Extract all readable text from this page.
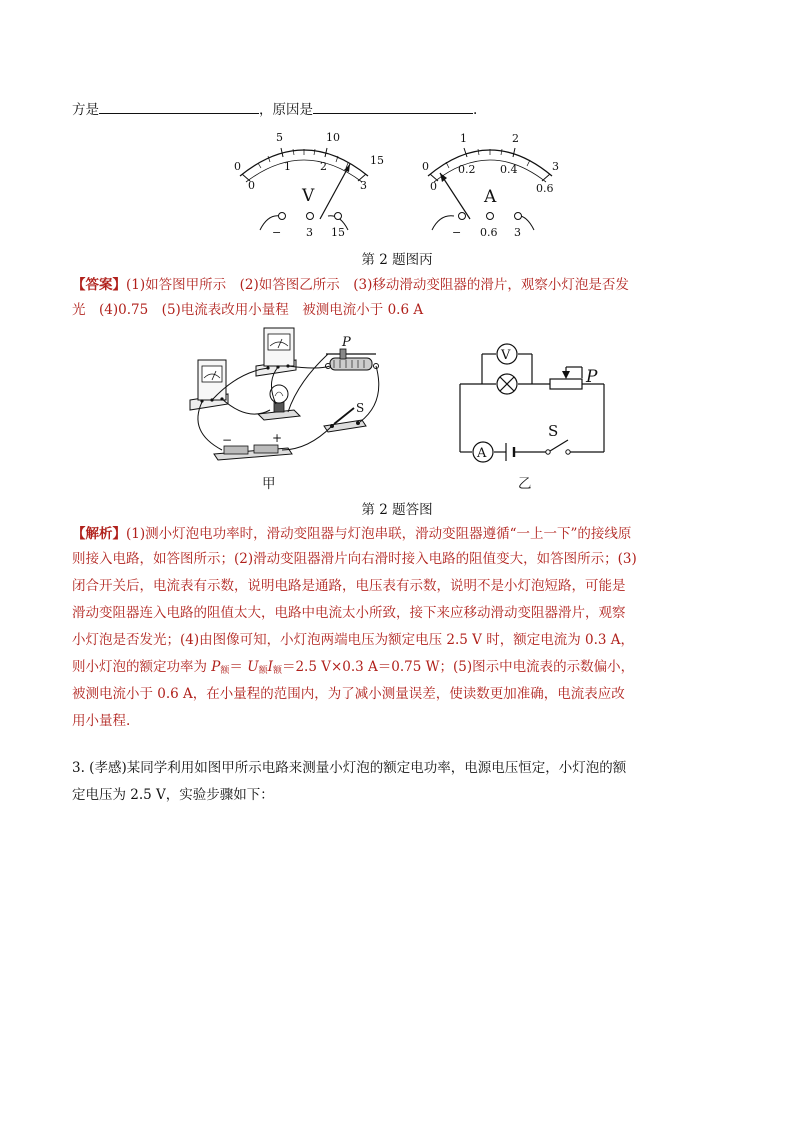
方是	，原因是	.
0
5	10
15
0
1	2
3
V
− 3 15
0
1	2
3
0
0.2 0.4
0.6
A
− 0.6 3
第 2 题图丙
【答案】(1)如答图甲所示　(2)如答图乙所示　(3)移动滑动变阻器的滑片，观察小灯泡是否发
光　(4)0.75　(5)电流表改用小量程　被测电流小于 0.6 A
P
S
−	+
V
P
A
S
甲	乙
第 2 题答图
【解析】(1)测小灯泡电功率时，滑动变阻器与灯泡串联，滑动变阻器遵循“一上一下”的接线原
则接入电路，如答图所示；(2)滑动变阻器滑片向右滑时接入电路的阻值变大，如答图所示；(3)
闭合开关后，电流表有示数，说明电路是通路，电压表有示数，说明不是小灯泡短路，可能是
滑动变阻器连入电路的阻值太大，电路中电流太小所致，接下来应移动滑动变阻器滑片，观察
小灯泡是否发光；(4)由图像可知，小灯泡两端电压为额定电压 2.5 V 时，额定电流为 0.3 A，
则小灯泡的额定功率为 $P_额= U_额I_额=2.5$ V×0.3 A＝0.75 W；(5)图示中电流表的示数偏小，
被测电流小于 0.6 A，在小量程的范围内，为了减小测量误差，使读数更加准确，电流表应改
用小量程.
3. (孝感)某同学利用如图甲所示电路来测量小灯泡的额定电功率，电源电压恒定，小灯泡的额
定电压为 2.5 V，实验步骤如下：
